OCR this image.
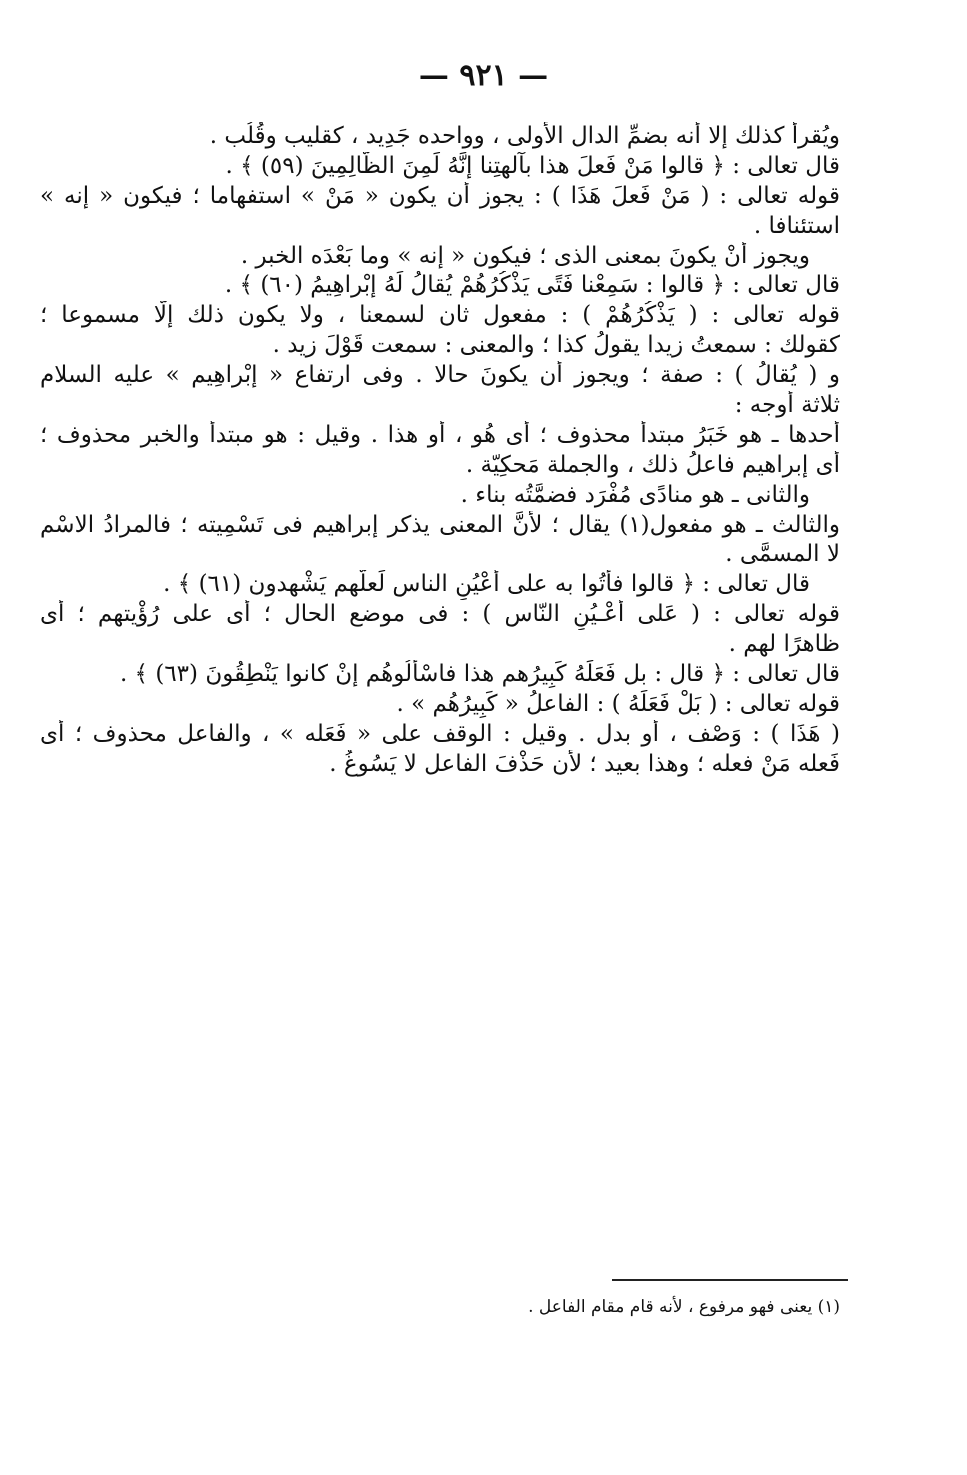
— ٩٢١ —

ويُقرأ كذلك إلا أنه بضمِّ الدال الأولى ، وواحده جَدِيد ، كقليب وقُلُب .

قال تعالى : ﴿ قالوا مَنْ فَعلَ هذا بآلهتِنا إنَّهُ لَمِنَ الظَّالِمِينَ (٥٩) ﴾ .

قوله تعالى : ( مَنْ فَعلَ هَذَا ) : يجوز أن يكون « مَنْ » استفهاما ؛ فيكون « إنه »

استئنافا .

ويجوز أَنْ يكونَ بمعنى الذى ؛ فيكون « إنه » وما بَعْدَه الخبر .

قال تعالى : ﴿ قالوا : سَمِعْنا فَتًى يَذْكُرُهُمْ يُقالُ لَهُ إبْراهِيمُ (٦٠) ﴾ .

قوله تعالى : ( يَذْكُرُهُمْ ) : مفعول ثان لسمعنا ، ولا يكون ذلك إلّا مسموعا ؛

كقولك : سمعتُ زيدا يقولُ كذا ؛ والمعنى : سمعت قَوْلَ زيد .

و ( يُقالُ ) : صفة ؛ ويجوز أن يكونَ حالا . وفى ارتفاع « إبْراهِيم » عليه السلام

ثلاثة أوجه :

أحدها ـ هو خَبَرُ مبتدأ محذوف ؛ أى هُو ، أو هذا . وقيل : هو مبتدأ والخبر محذوف ؛

أى إبراهيم فاعلُ ذلك ، والجملة مَحكِيّة .

والثانى ـ هو منادًى مُفْرَد فضمَّتُه بناء .

والثالث ـ هو مفعول(١) يقال ؛ لأَنَّ المعنى يذكر إبراهيم فى تَسْمِيته ؛ فالمرادُ الاسْم

لا المسمَّى .

قال تعالى : ﴿ قالوا فأْتُوا به على أَعْيُنِ الناس لَعلّهم يَشْهدون (٦١) ﴾ .

قوله تعالى : ( عَلى أعْـيُنِ النّاس ) : فى موضع الحال ؛ أى على رُؤْيتهم ؛ أى

ظاهرًا لهم .

قال تعالى : ﴿ قال : بل فَعَلَهُ كَبِيرُهم هذا فاسْأَلُوهُم إنْ كانوا يَنْطِقُونَ (٦٣) ﴾ .

قوله تعالى : ( بَلْ فَعَلَهُ ) : الفاعلُ « كَبِيرُهُم » .

( هَذَا ) : وَصْف ، أو بدل . وقيل : الوقف على « فَعَله » ، والفاعل محذوف ؛ أى

فَعله مَنْ فعله ؛ وهذا بعيد ؛ لأن حَذْفَ الفاعل لا يَسُوغُ .

(١) يعنى فهو مرفوع ، لأنه قام مقام الفاعل .
